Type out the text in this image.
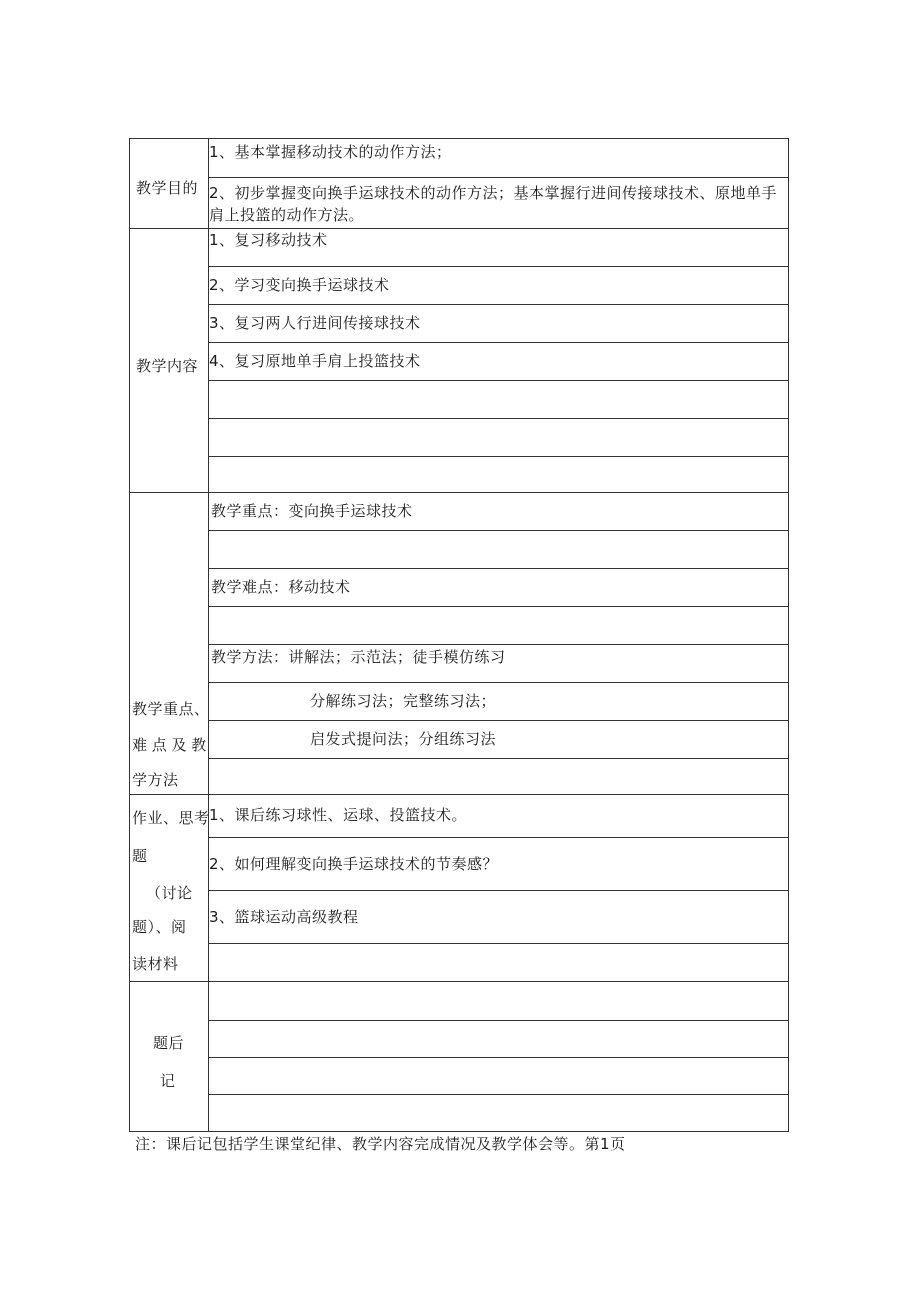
教学目的
1、基本掌握移动技术的动作方法；
2、初步掌握变向换手运球技术的动作方法；基本掌握行进间传接球技术、原地单手肩上投篮的动作方法。
教学内容
1、复习移动技术
2、学习变向换手运球技术
3、复习两人行进间传接球技术
4、复习原地单手肩上投篮技术
教学重点、
难 点 及 教
学方法
教学重点：变向换手运球技术
教学难点：移动技术
教学方法：讲解法；示范法；徒手模仿练习
分解练习法；完整练习法；
启发式提问法；分组练习法
作业、思考
题
（讨论
题）、阅
读材料
1、课后练习球性、运球、投篮技术。
2、如何理解变向换手运球技术的节奏感？
3、篮球运动高级教程
题后
记
注：课后记包括学生课堂纪律、教学内容完成情况及教学体会等。第1页
